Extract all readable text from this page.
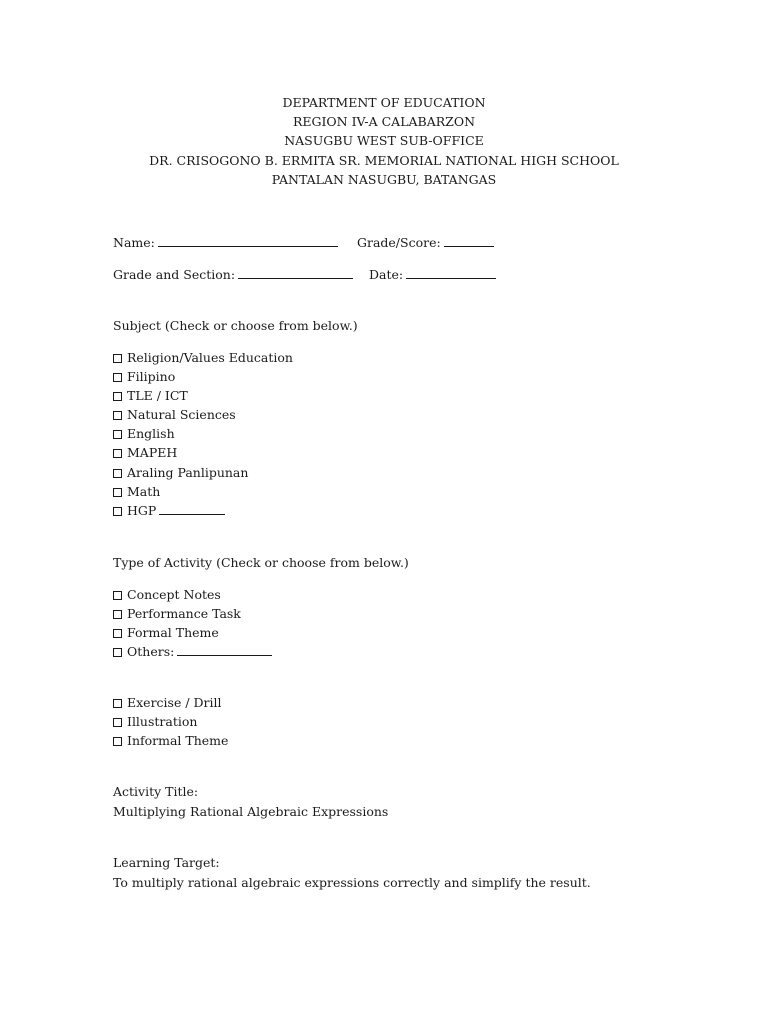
DEPARTMENT OF EDUCATION
REGION IV-A CALABARZON
NASUGBU WEST SUB-OFFICE
DR. CRISOGONO B. ERMITA SR. MEMORIAL NATIONAL HIGH SCHOOL
PANTALAN NASUGBU, BATANGAS
Name:	Grade/Score:
Grade and Section:	Date:
Subject (Check or choose from below.)
Religion/Values Education
Filipino
TLE / ICT
Natural Sciences
English
MAPEH
Araling Panlipunan
Math
HGP
Type of Activity (Check or choose from below.)
Concept Notes
Performance Task
Formal Theme
Others:
Exercise / Drill
Illustration
Informal Theme
Activity Title:
Multiplying Rational Algebraic Expressions
Learning Target:
To multiply rational algebraic expressions correctly and simplify the result.
